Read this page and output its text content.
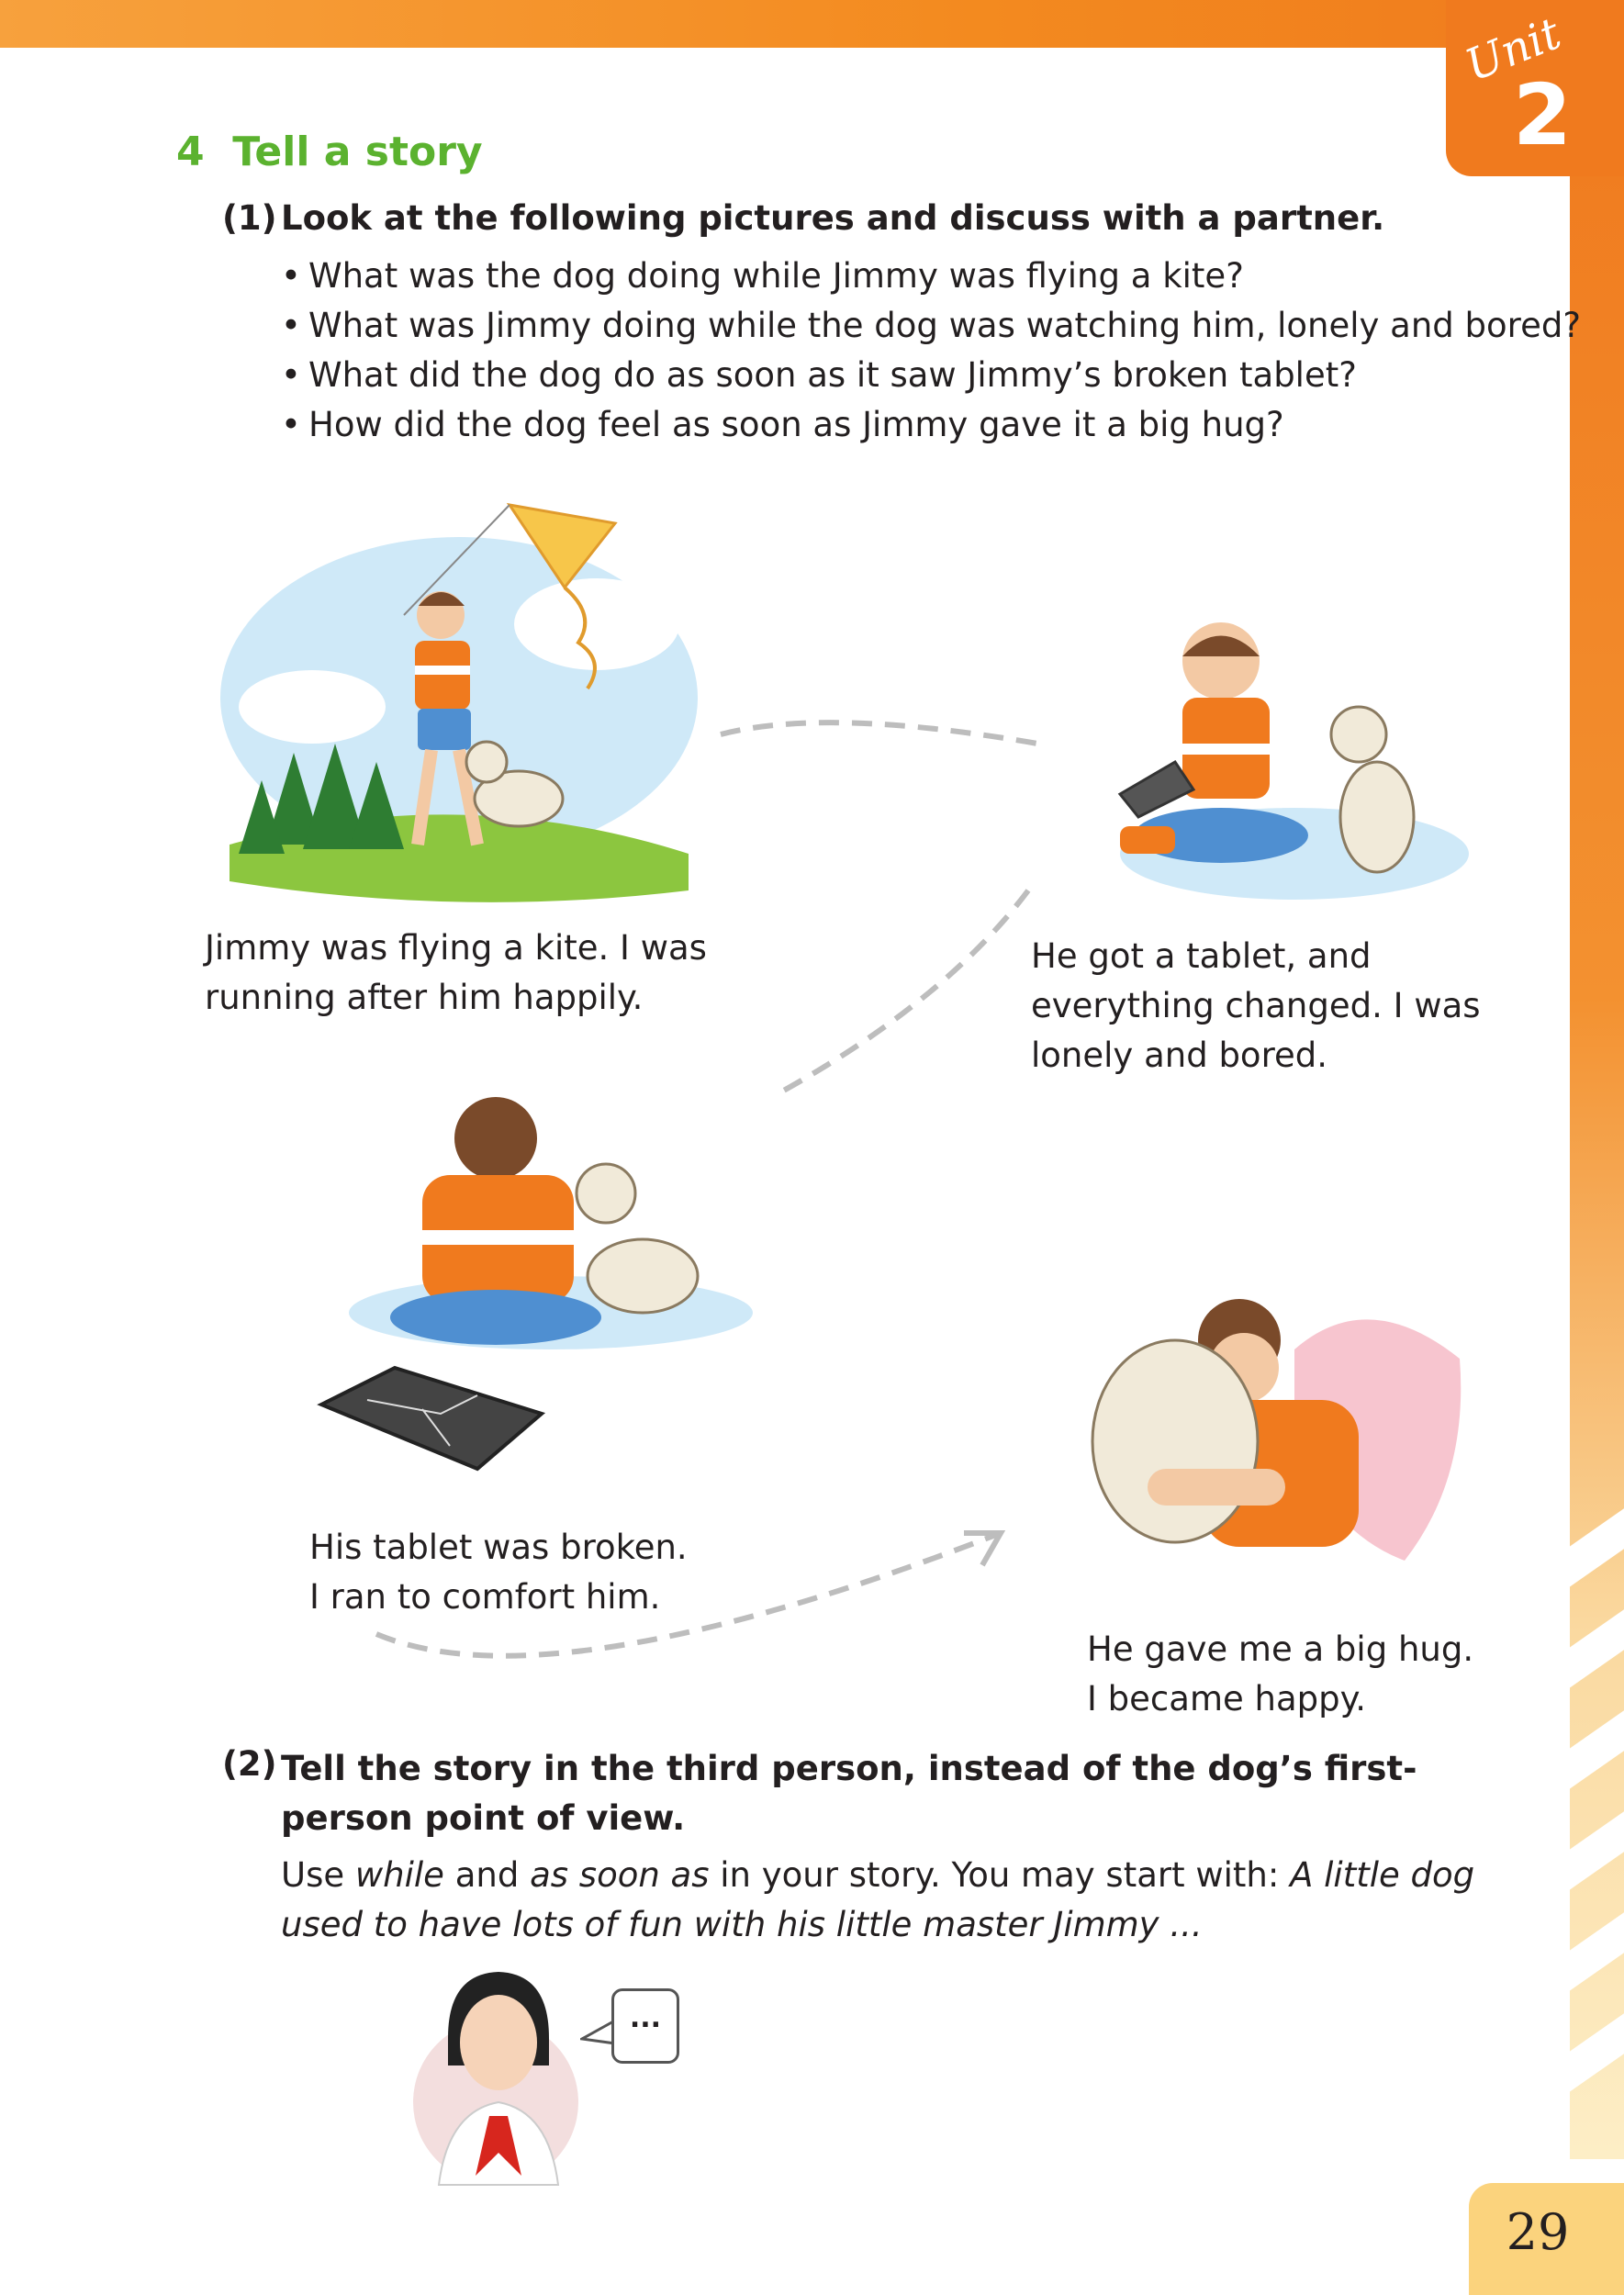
Unit
2
4 Tell a story
(1) Look at the following pictures and discuss with a partner.
• What was the dog doing while Jimmy was flying a kite?
• What was Jimmy doing while the dog was watching him, lonely and bored?
• What did the dog do as soon as it saw Jimmy’s broken tablet?
• How did the dog feel as soon as Jimmy gave it a big hug?
Jimmy was flying a kite. I was
running after him happily.
He got a tablet, and
everything changed. I was
lonely and bored.
His tablet was broken.
I ran to comfort him.
He gave me a big hug.
I became happy.
(2) Tell the story in the third person, instead of the dog’s first-person point of view.
Use while and as soon as in your story. You may start with: A little dog used to have lots of fun with his little master Jimmy ...
...
29
